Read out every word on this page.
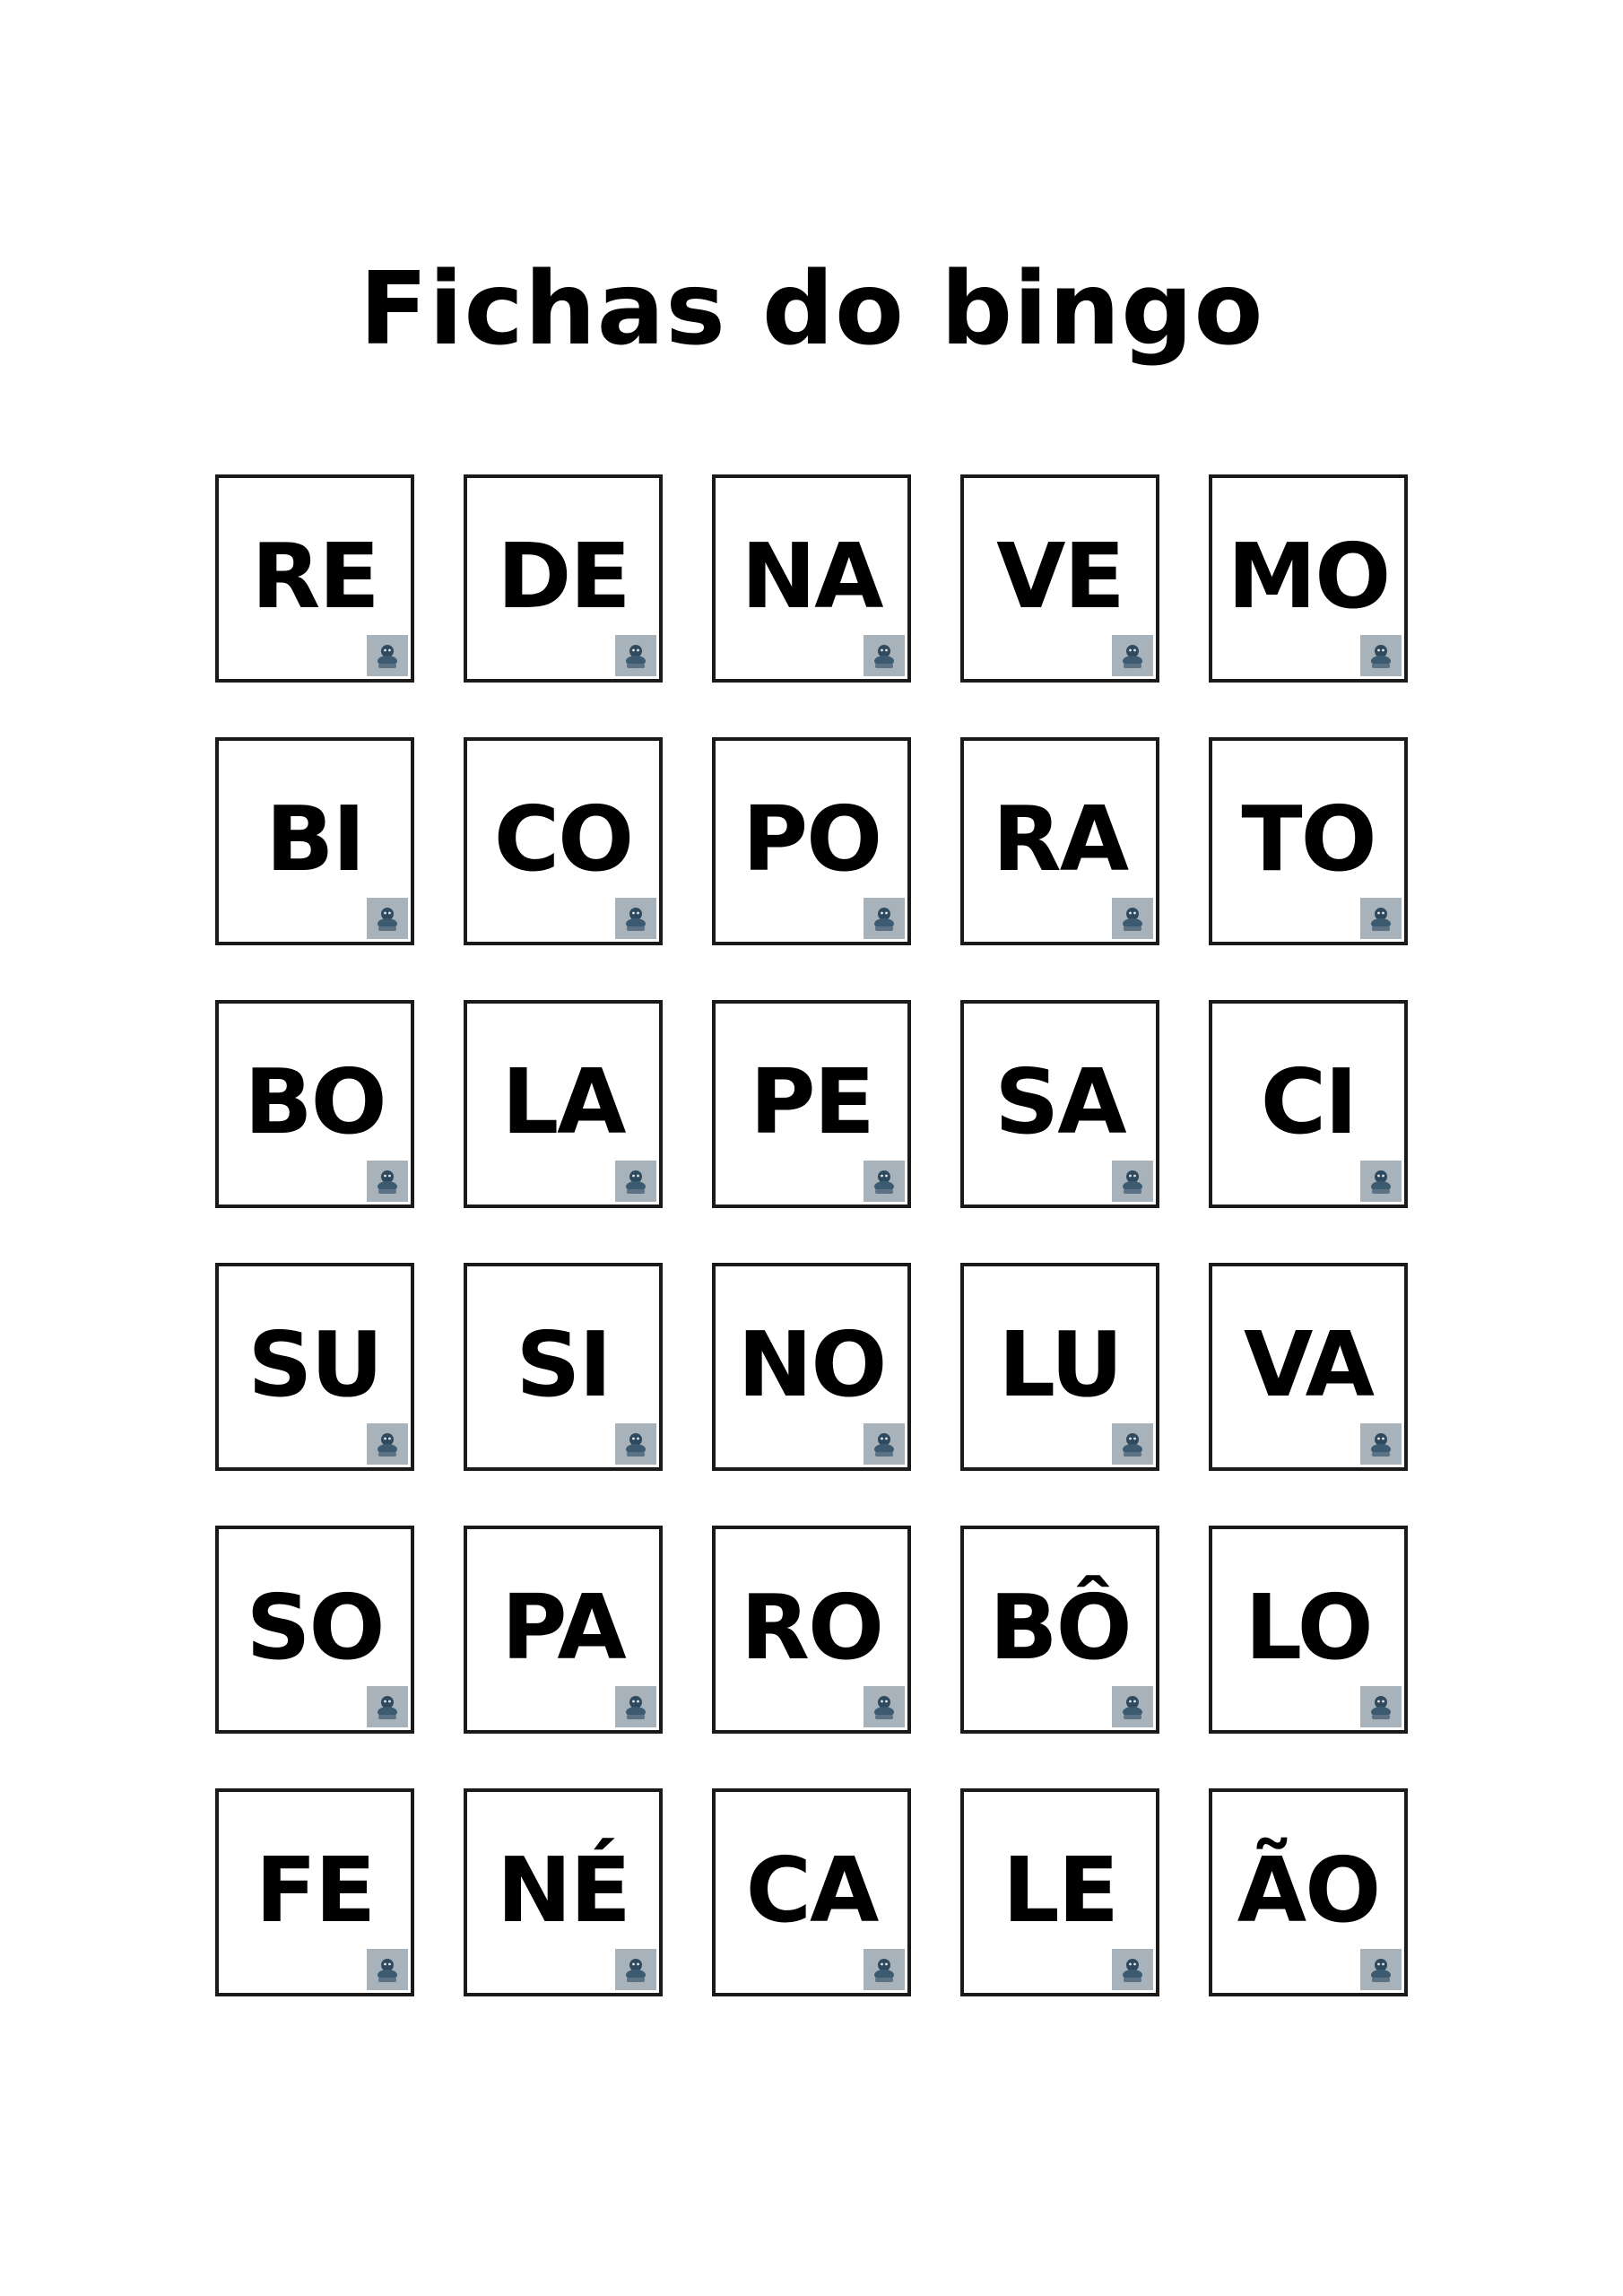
Fichas do bingo
RE DE NA VE MO
BI CO PO RA TO
BO LA PE SA CI
SU SI NO LU VA
SO PA RO BÔ LO
FE NÉ CA LE ÃO
